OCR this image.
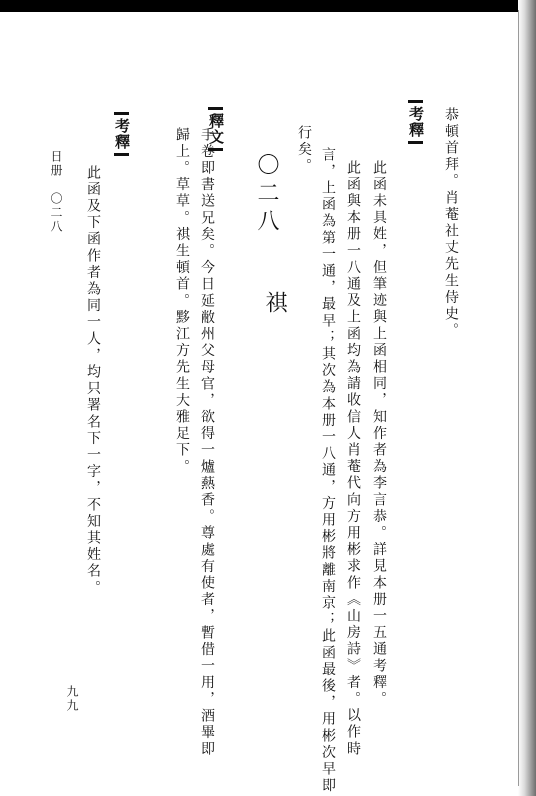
恭頓首拜。肖菴社丈先生侍史。
考釋
此函未具姓，但筆迹與上函相同，知作者為李言恭。詳見本册一五通考釋。
此函與本册一八通及上函均為請收信人肖菴代向方用彬求作《山房詩》者。以作時
言，上函為第一通，最早；其次為本册一八通，方用彬將離南京；此函最後，用彬次早即
行矣。
〇二八
祺
釋文
手卷即書送兄矣。今日延敝州父母官，欲得一爐爇香。尊處有使者，暫借一用，酒畢即
歸上。草草。祺生頓首。黟江方先生大雅足下。
考釋
此函及下函作者為同一人，均只署名下一字，不知其姓名。
日册　〇二八
九九
